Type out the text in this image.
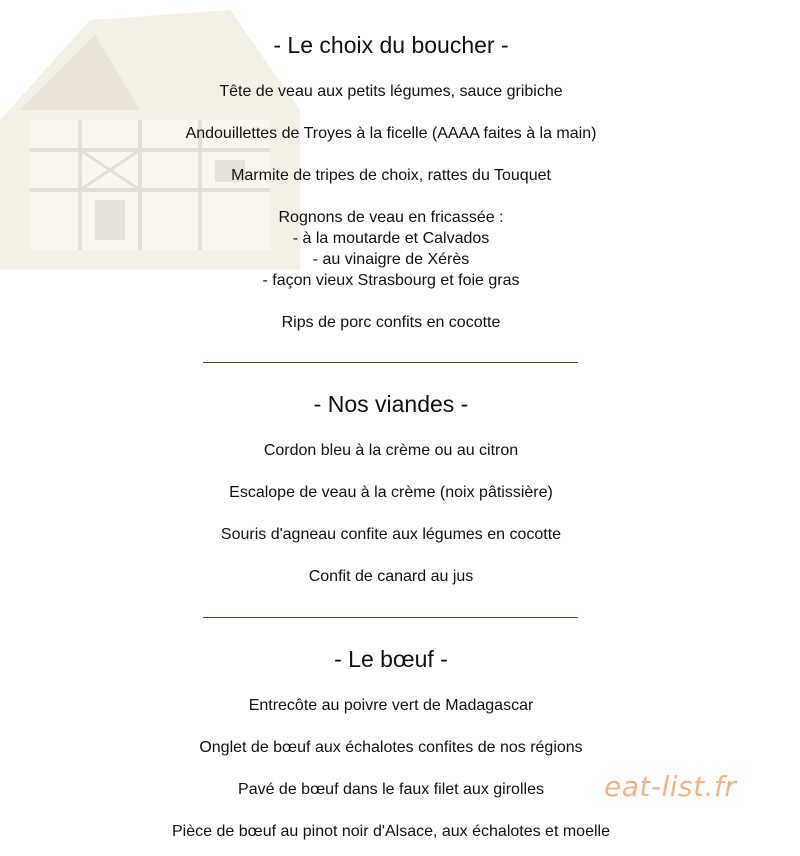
- Le choix du boucher -

Tête de veau aux petits légumes, sauce gribiche

Andouillettes de Troyes à la ficelle (AAAA faites à la main)

Marmite de tripes de choix, rattes du Touquet

Rognons de veau en fricassée :

- à la moutarde et Calvados

- au vinaigre de Xérès

- façon vieux Strasbourg et foie gras

Rips de porc confits en cocotte

- Nos viandes -

Cordon bleu à la crème ou au citron

Escalope de veau à la crème (noix pâtissière)

Souris d'agneau confite aux légumes en cocotte

Confit de canard au jus

- Le bœuf -

Entrecôte au poivre vert de Madagascar

Onglet de bœuf aux échalotes confites de nos régions

Pavé de bœuf dans le faux filet aux girolles

Pièce de bœuf au pinot noir d'Alsace, aux échalotes et moelle

eat-list.fr
